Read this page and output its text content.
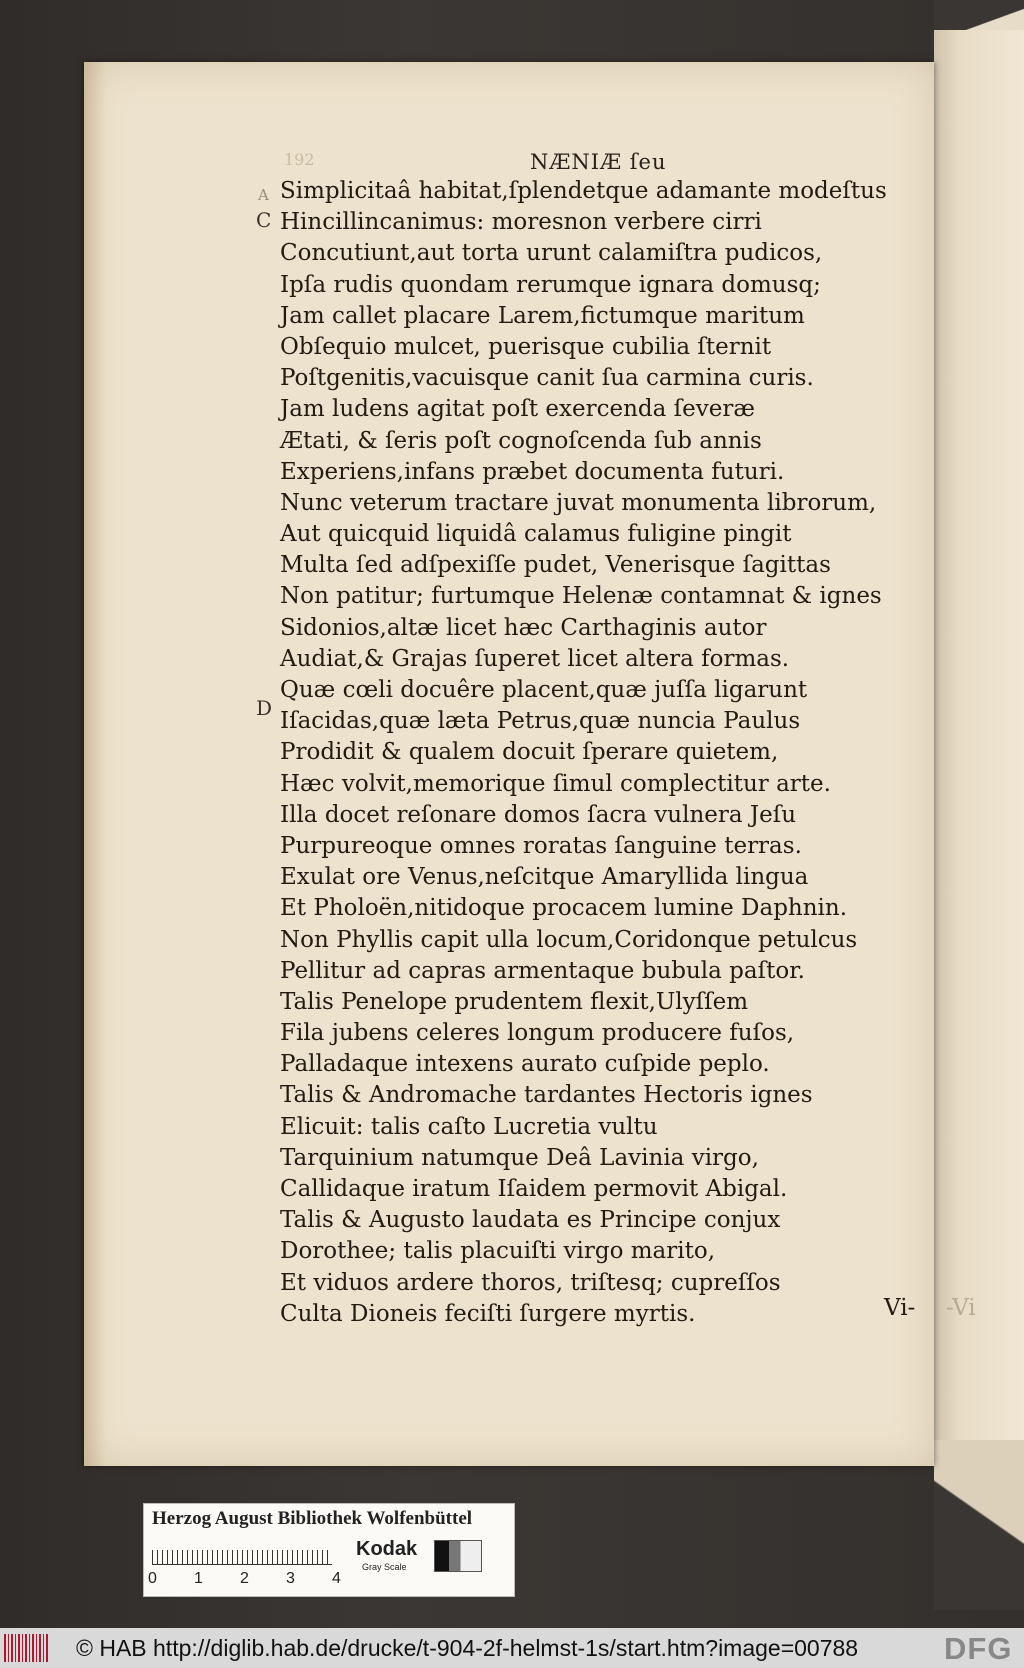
192	NÆNIÆ ſeu
A
C
D
Simplicitaâ habitat,ſplendetque adamante modeſtus
Hincillincanimus: moresnon verbere cirri
Concutiunt,aut torta urunt calamiſtra pudicos,
Ipſa rudis quondam rerumque ignara domusq;
Jam callet placare Larem,fictumque maritum
Obſequio mulcet, puerisque cubilia ſternit
Poſtgenitis,vacuisque canit ſua carmina curis.
Jam ludens agitat poſt exercenda ſeveræ
Ætati, & ſeris poſt cognoſcenda ſub annis
Experiens,infans præbet documenta futuri.
Nunc veterum tractare juvat monumenta librorum,
Aut quicquid liquidâ calamus fuligine pingit
Multa ſed adſpexiſſe pudet, Venerisque ſagittas
Non patitur; furtumque Helenæ contamnat & ignes
Sidonios,altæ licet hæc Carthaginis autor
Audiat,& Grajas ſuperet licet altera formas.
Quæ cœli docuêre placent,quæ juſſa ligarunt
Iſacidas,quæ læta Petrus,quæ nuncia Paulus
Prodidit & qualem docuit ſperare quietem,
Hæc volvit,memorique ſimul complectitur arte.
Illa docet reſonare domos ſacra vulnera Jeſu
Purpureoque omnes roratas ſanguine terras.
Exulat ore Venus,neſcitque Amaryllida lingua
Et Pholoën,nitidoque procacem lumine Daphnin.
Non Phyllis capit ulla locum,Coridonque petulcus
Pellitur ad capras armentaque bubula paſtor.
Talis Penelope prudentem flexit,Ulyſſem
Fila jubens celeres longum producere fuſos,
Palladaque intexens aurato cuſpide peplo.
Talis & Andromache tardantes Hectoris ignes
Elicuit: talis caſto Lucretia vultu
Tarquinium natumque Deâ Lavinia virgo,
Callidaque iratum Iſaidem permovit Abigal.
Talis & Augusto laudata es Principe conjux
Dorothee; talis placuiſti virgo marito,
Et viduos ardere thoros, triſtesq; cupreſſos
Culta Dioneis feciſti ſurgere myrtis.	Vi- -Vi
Herzog August Bibliothek Wolfenbüttel
0 1 2 3 4
Kodak
Gray Scale
© HAB http://diglib.hab.de/drucke/t-904-2f-helmst-1s/start.htm?image=00788	DFG
